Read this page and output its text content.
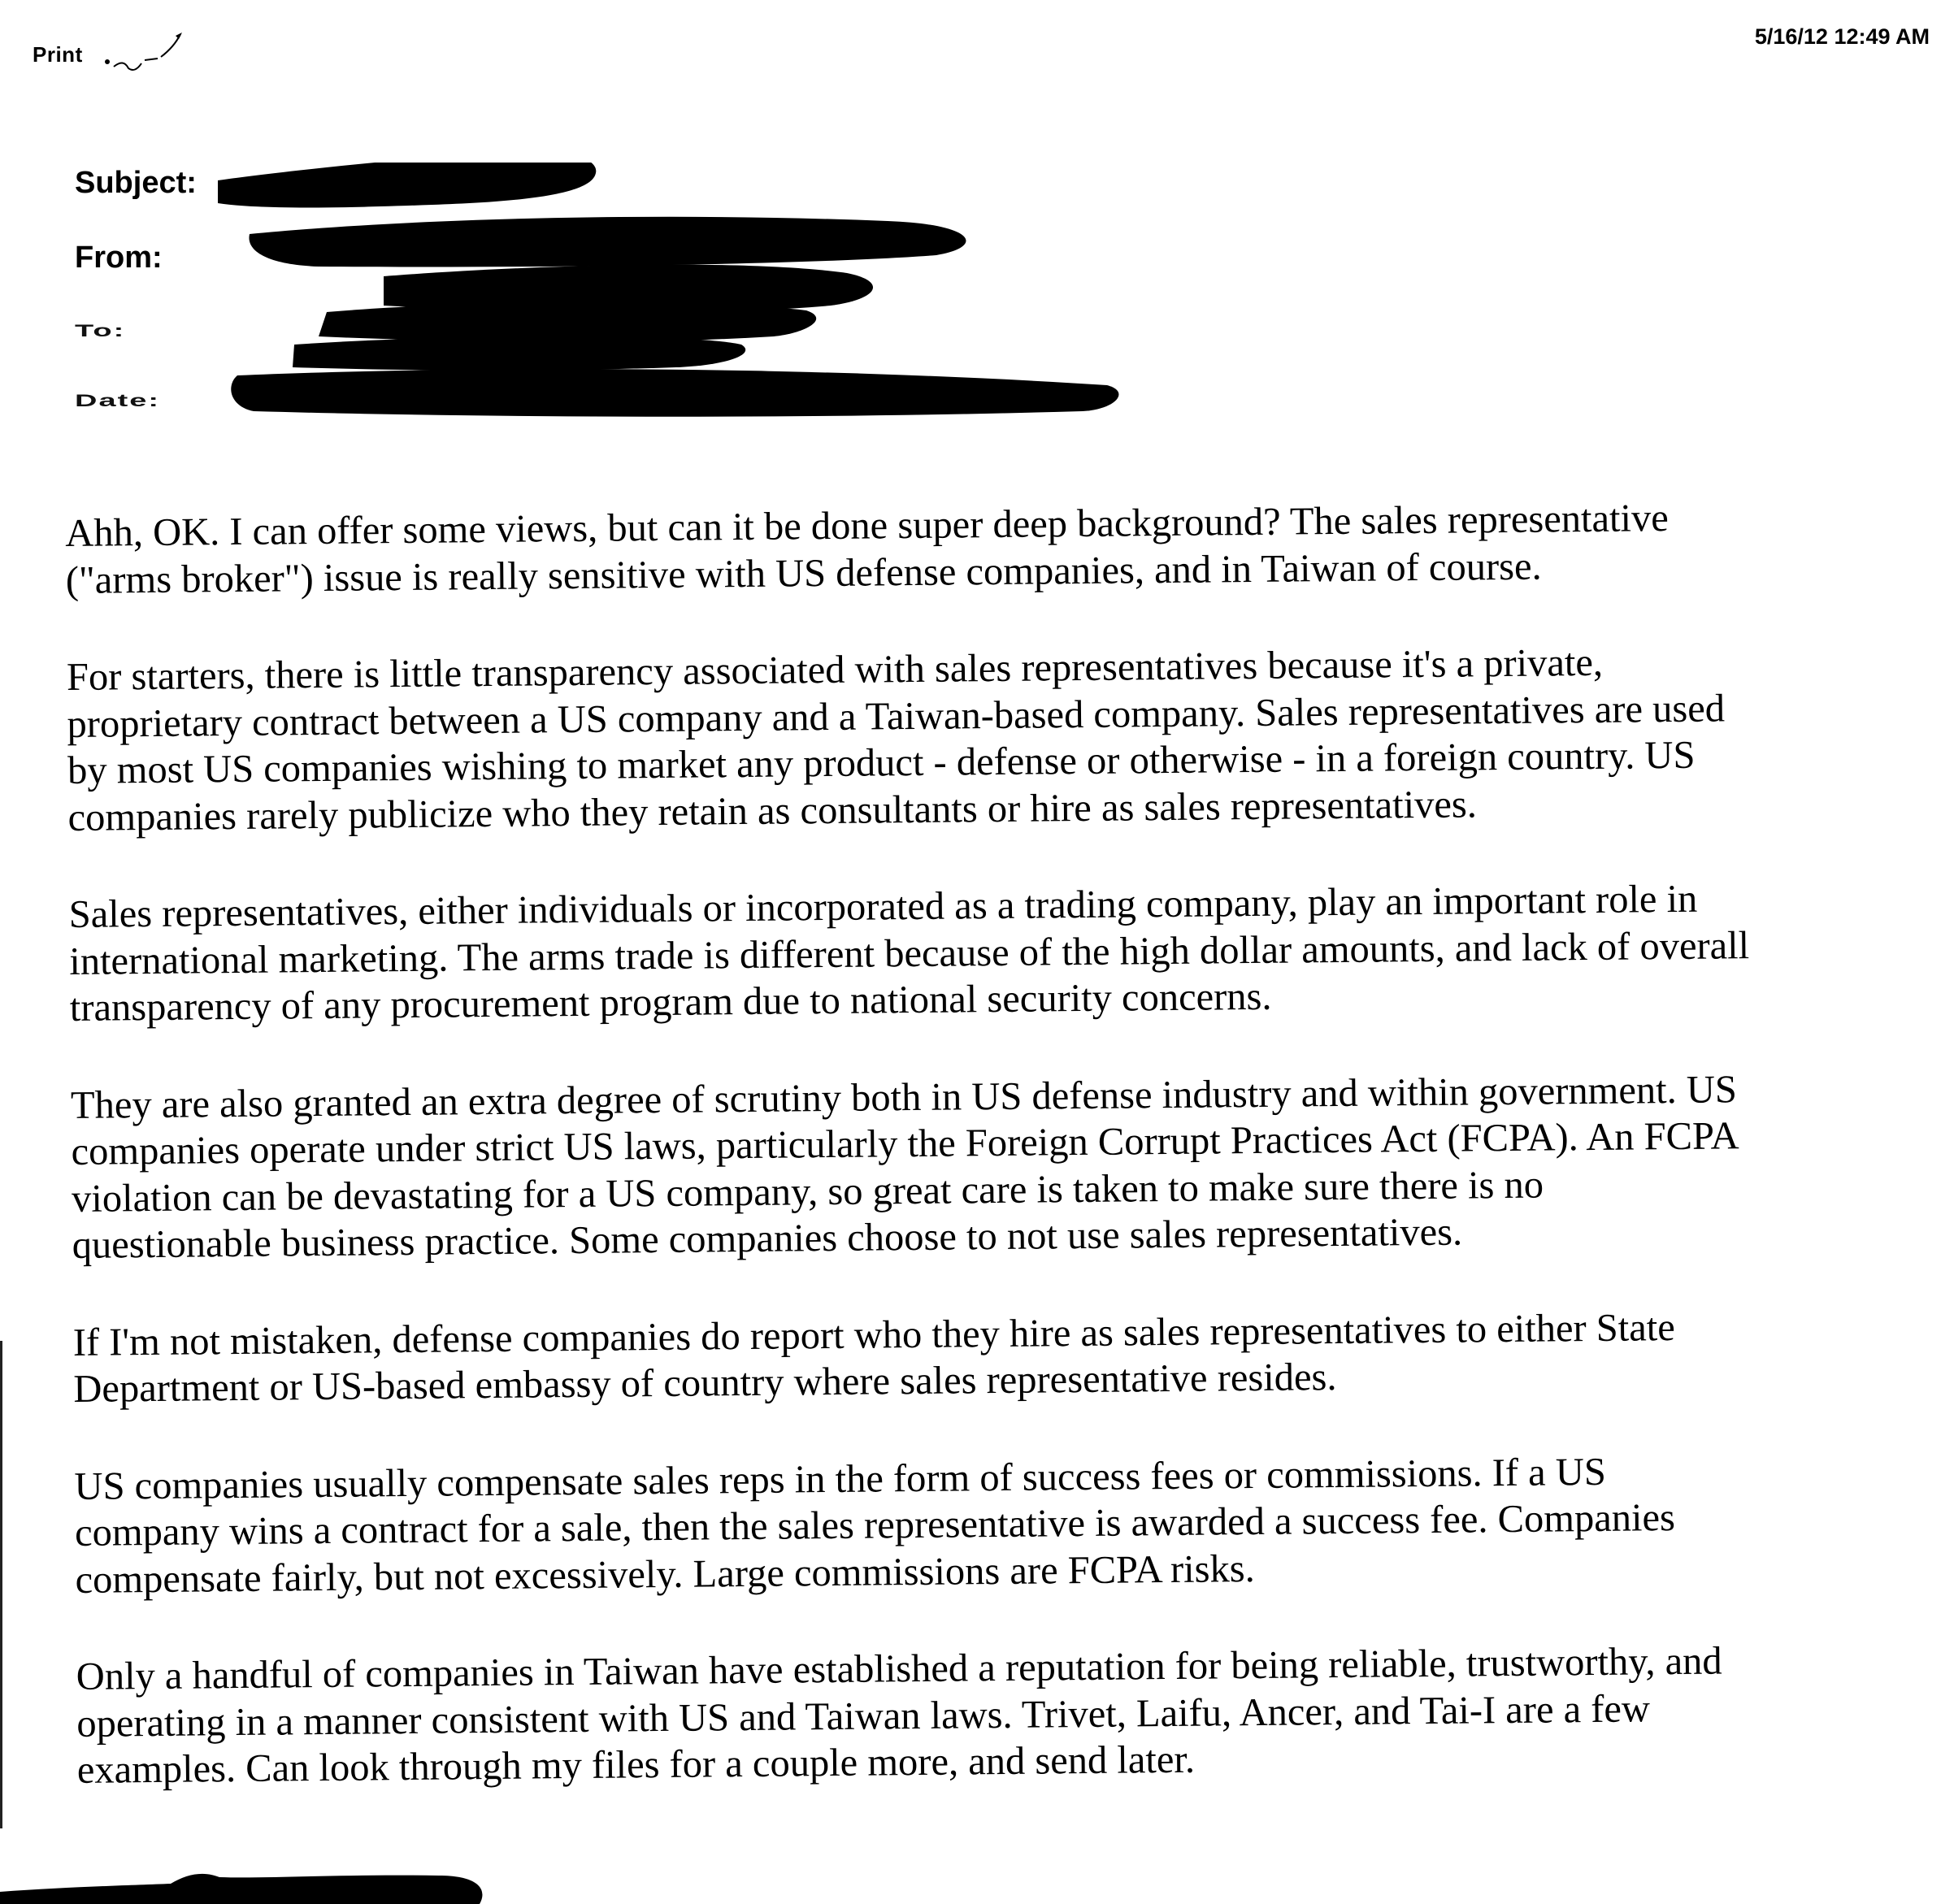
Print
5/16/12 12:49 AM
Subject:
From:
To:
Date:

Ahh, OK. I can offer some views, but can it be done super deep background? The sales representative
("arms broker") issue is really sensitive with US defense companies, and in Taiwan of course.

For starters, there is little transparency associated with sales representatives because it's a private,
proprietary contract between a US company and a Taiwan-based company. Sales representatives are used
by most US companies wishing to market any product - defense or otherwise - in a foreign country. US
companies rarely publicize who they retain as consultants or hire as sales representatives.

Sales representatives, either individuals or incorporated as a trading company, play an important role in
international marketing. The arms trade is different because of the high dollar amounts, and lack of overall
transparency of any procurement program due to national security concerns.

They are also granted an extra degree of scrutiny both in US defense industry and within government. US
companies operate under strict US laws, particularly the Foreign Corrupt Practices Act (FCPA). An FCPA
violation can be devastating for a US company, so great care is taken to make sure there is no
questionable business practice. Some companies choose to not use sales representatives.

If I'm not mistaken, defense companies do report who they hire as sales representatives to either State
Department or US-based embassy of country where sales representative resides.

US companies usually compensate sales reps in the form of success fees or commissions. If a US
company wins a contract for a sale, then the sales representative is awarded a success fee. Companies
compensate fairly, but not excessively. Large commissions are FCPA risks.

Only a handful of companies in Taiwan have established a reputation for being reliable, trustworthy, and
operating in a manner consistent with US and Taiwan laws. Trivet, Laifu, Ancer, and Tai-I are a few
examples. Can look through my files for a couple more, and send later.
